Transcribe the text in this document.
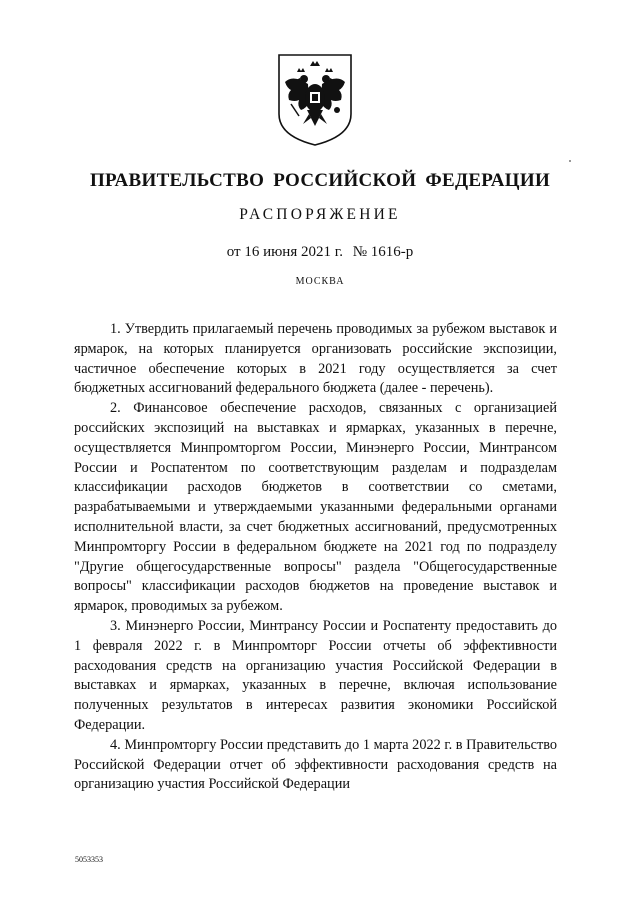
ПРАВИТЕЛЬСТВО РОССИЙСКОЙ ФЕДЕРАЦИИ
РАСПОРЯЖЕНИЕ
от 16 июня 2021 г. № 1616-р
МОСКВА

1. Утвердить прилагаемый перечень проводимых за рубежом выставок и ярмарок, на которых планируется организовать российские экспозиции, частичное обеспечение которых в 2021 году осуществляется за счет бюджетных ассигнований федерального бюджета (далее - перечень).

2. Финансовое обеспечение расходов, связанных с организацией российских экспозиций на выставках и ярмарках, указанных в перечне, осуществляется Минпромторгом России, Минэнерго России, Минтрансом России и Роспатентом по соответствующим разделам и подразделам классификации расходов бюджетов в соответствии со сметами, разрабатываемыми и утверждаемыми указанными федеральными органами исполнительной власти, за счет бюджетных ассигнований, предусмотренных Минпромторгу России в федеральном бюджете на 2021 год по подразделу "Другие общегосударственные вопросы" раздела "Общегосударственные вопросы" классификации расходов бюджетов на проведение выставок и ярмарок, проводимых за рубежом.

3. Минэнерго России, Минтрансу России и Роспатенту предоставить до 1 февраля 2022 г. в Минпромторг России отчеты об эффективности расходования средств на организацию участия Российской Федерации в выставках и ярмарках, указанных в перечне, включая использование полученных результатов в интересах развития экономики Российской Федерации.

4. Минпромторгу России представить до 1 марта 2022 г. в Правительство Российской Федерации отчет об эффективности расходования средств на организацию участия Российской Федерации

5053353
